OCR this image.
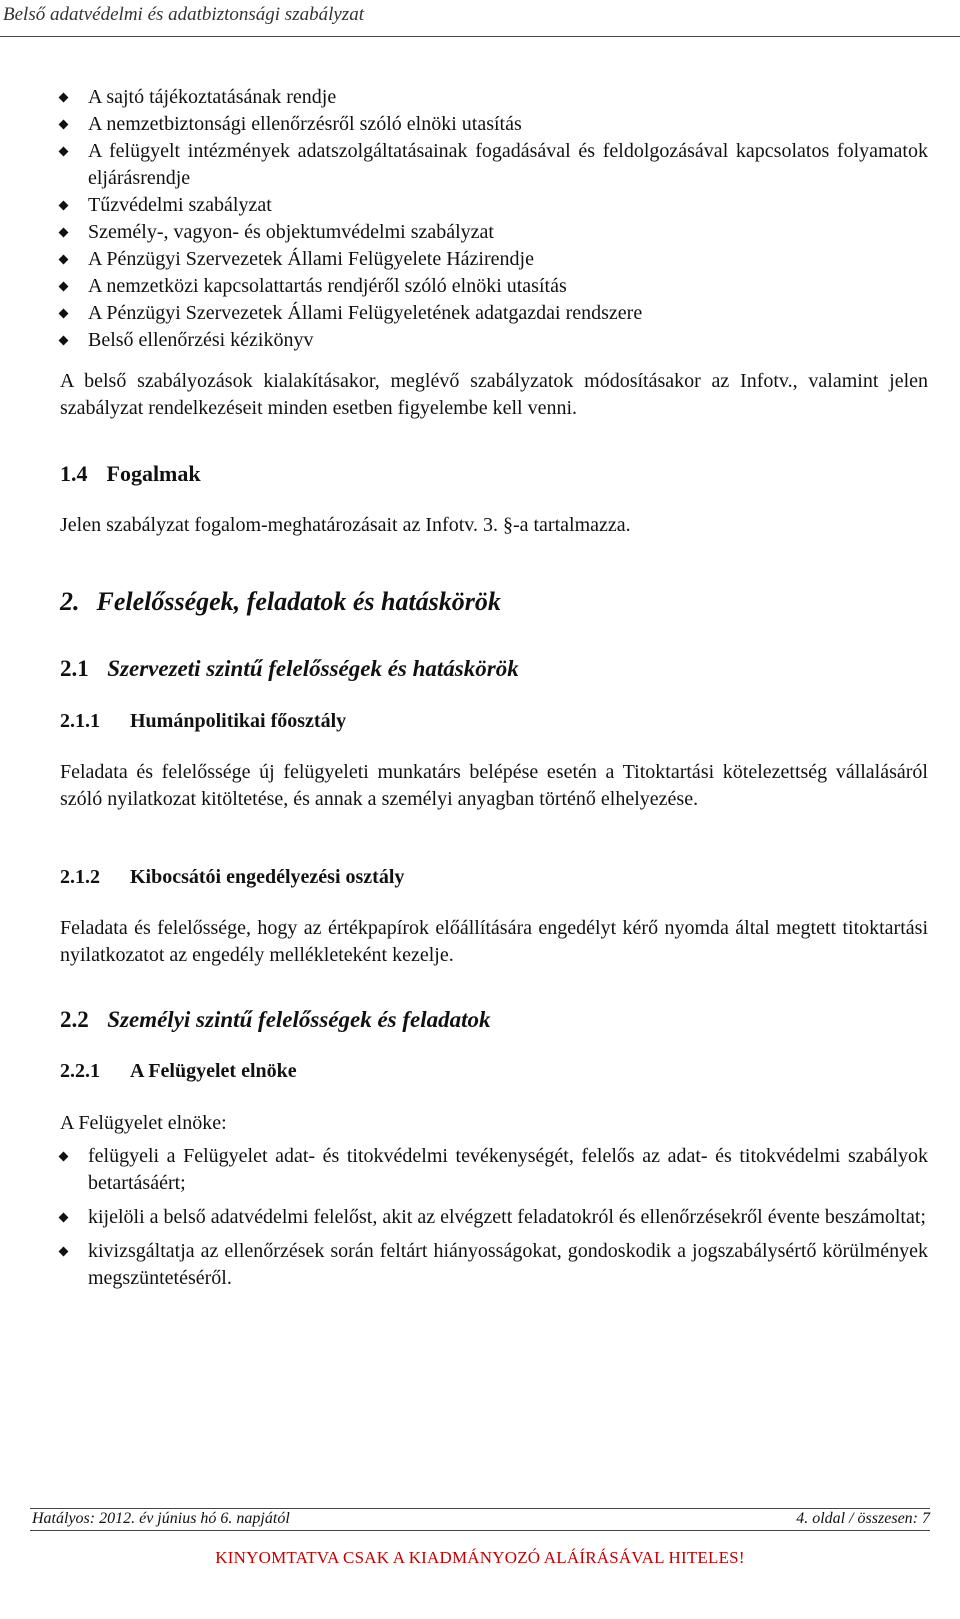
Belső adatvédelmi és adatbiztonsági szabályzat
A sajtó tájékoztatásának rendje
A nemzetbiztonsági ellenőrzésről szóló elnöki utasítás
A felügyelt intézmények adatszolgáltatásainak fogadásával és feldolgozásával kapcsolatos folyamatok eljárásrendje
Tűzvédelmi szabályzat
Személy-, vagyon- és objektumvédelmi szabályzat
A Pénzügyi Szervezetek Állami Felügyelete Házirendje
A nemzetközi kapcsolattartás rendjéről szóló elnöki utasítás
A Pénzügyi Szervezetek Állami Felügyeletének adatgazdai rendszere
Belső ellenőrzési kézikönyv

A belső szabályozások kialakításakor, meglévő szabályzatok módosításakor az Infotv., valamint jelen szabályzat rendelkezéseit minden esetben figyelembe kell venni.

1.4 Fogalmak

Jelen szabályzat fogalom-meghatározásait az Infotv. 3. §-a tartalmazza.

2. Felelősségek, feladatok és hatáskörök
2.1 Szervezeti szintű felelősségek és hatáskörök
2.1.1 Humánpolitikai főosztály

Feladata és felelőssége új felügyeleti munkatárs belépése esetén a Titoktartási kötelezettség vállalásáról szóló nyilatkozat kitöltetése, és annak a személyi anyagban történő elhelyezése.

2.1.2 Kibocsátói engedélyezési osztály

Feladata és felelőssége, hogy az értékpapírok előállítására engedélyt kérő nyomda által megtett titoktartási nyilatkozatot az engedély mellékleteként kezelje.

2.2 Személyi szintű felelősségek és feladatok
2.2.1 A Felügyelet elnöke

A Felügyelet elnöke:

felügyeli a Felügyelet adat- és titokvédelmi tevékenységét, felelős az adat- és titokvédelmi szabályok betartásáért;
kijelöli a belső adatvédelmi felelőst, akit az elvégzett feladatokról és ellenőrzésekről évente beszámoltat;
kivizsgáltatja az ellenőrzések során feltárt hiányosságokat, gondoskodik a jogszabálysértő körülmények megszüntetéséről.
Hatályos: 2012. év június hó 6. napjától	4. oldal / összesen: 7
KINYOMTATVA CSAK A KIADMÁNYOZÓ ALÁÍRÁSÁVAL HITELES!
